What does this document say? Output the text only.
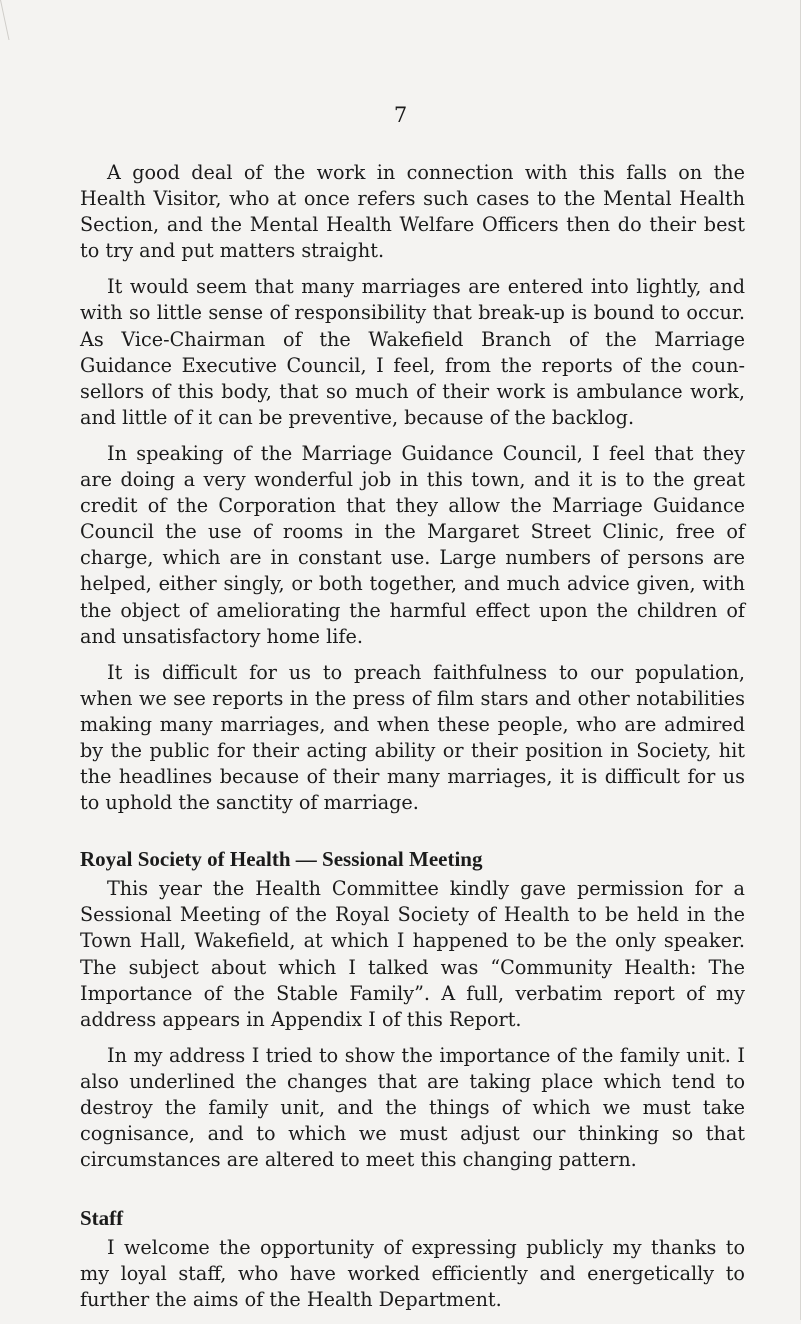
7

A good deal of the work in connection with this falls on the Health Visitor, who at once refers such cases to the Mental Health Section, and the Mental Health Welfare Officers then do their best to try and put matters straight.

It would seem that many marriages are entered into lightly, and with so little sense of responsibility that break-up is bound to occur. As Vice-Chairman of the Wakefield Branch of the Marriage Guidance Executive Council, I feel, from the reports of the coun- sellors of this body, that so much of their work is ambulance work, and little of it can be preventive, because of the backlog.

In speaking of the Marriage Guidance Council, I feel that they are doing a very wonderful job in this town, and it is to the great credit of the Corporation that they allow the Marriage Guidance Council the use of rooms in the Margaret Street Clinic, free of charge, which are in constant use. Large numbers of persons are helped, either singly, or both together, and much advice given, with the object of ameliorating the harmful effect upon the children of and unsatisfactory home life.

It is difficult for us to preach faithfulness to our population, when we see reports in the press of film stars and other notabilities making many marriages, and when these people, who are admired by the public for their acting ability or their position in Society, hit the headlines because of their many marriages, it is difficult for us to uphold the sanctity of marriage.

Royal Society of Health — Sessional Meeting

This year the Health Committee kindly gave permission for a Sessional Meeting of the Royal Society of Health to be held in the Town Hall, Wakefield, at which I happened to be the only speaker. The subject about which I talked was “Community Health: The Importance of the Stable Family”. A full, verbatim report of my address appears in Appendix I of this Report.

In my address I tried to show the importance of the family unit. I also underlined the changes that are taking place which tend to destroy the family unit, and the things of which we must take cognisance, and to which we must adjust our thinking so that circumstances are altered to meet this changing pattern.

Staff

I welcome the opportunity of expressing publicly my thanks to my loyal staff, who have worked efficiently and energetically to further the aims of the Health Department.
